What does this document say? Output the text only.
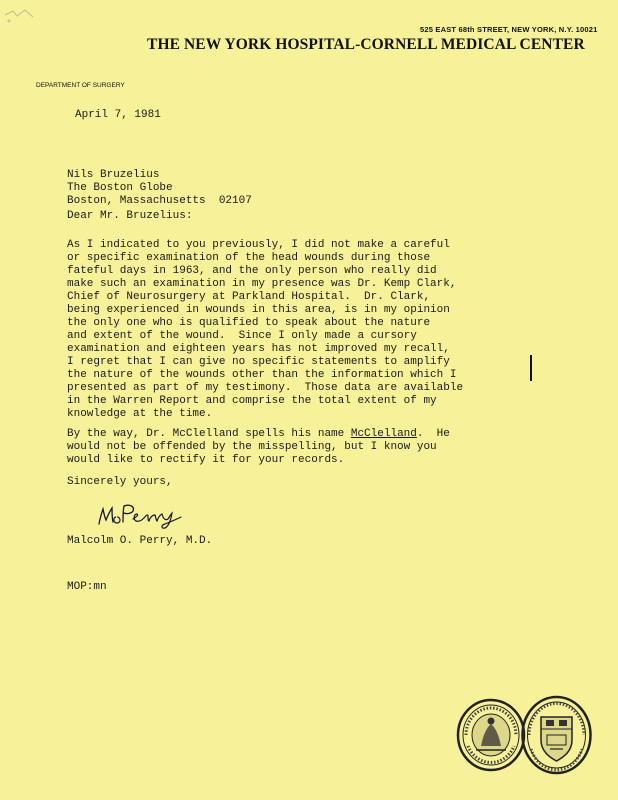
525 EAST 68th STREET, NEW YORK, N.Y. 10021
THE NEW YORK HOSPITAL-CORNELL MEDICAL CENTER
DEPARTMENT OF SURGERY
April 7, 1981
Nils Bruzelius
The Boston Globe
Boston, Massachusetts  02107
Dear Mr. Bruzelius:
As I indicated to you previously, I did not make a careful
or specific examination of the head wounds during those
fateful days in 1963, and the only person who really did
make such an examination in my presence was Dr. Kemp Clark,
Chief of Neurosurgery at Parkland Hospital.  Dr. Clark,
being experienced in wounds in this area, is in my opinion
the only one who is qualified to speak about the nature
and extent of the wound.  Since I only made a cursory
examination and eighteen years has not improved my recall,
I regret that I can give no specific statements to amplify
the nature of the wounds other than the information which I
presented as part of my testimony.  Those data are available
in the Warren Report and comprise the total extent of my
knowledge at the time.
By the way, Dr. McClelland spells his name McClelland.  He
would not be offended by the misspelling, but I know you
would like to rectify it for your records.
Sincerely yours,
Malcolm O. Perry, M.D.
MOP:mn
